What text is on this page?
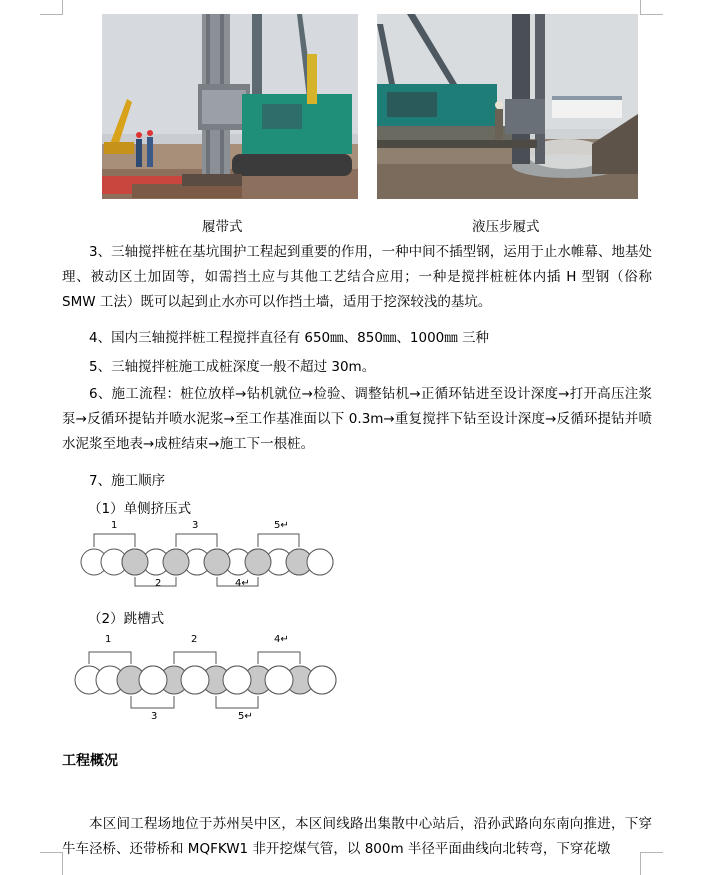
履带式	液压步履式
3、三轴搅拌桩在基坑围护工程起到重要的作用，一种中间不插型钢，运用于止水帷幕、地基处理、被动区土加固等，如需挡土应与其他工艺结合应用；一种是搅拌桩桩体内插 H 型钢（俗称 SMW 工法）既可以起到止水亦可以作挡土墙，适用于挖深较浅的基坑。
4、国内三轴搅拌桩工程搅拌直径有 650㎜、850㎜、1000㎜ 三种
5、三轴搅拌桩施工成桩深度一般不超过 30m。
6、施工流程：桩位放样→钻机就位→检验、调整钻机→正循环钻进至设计深度→打开高压注浆泵→反循环提钻并喷水泥浆→至工作基准面以下 0.3m→重复搅拌下钻至设计深度→反循环提钻并喷水泥浆至地表→成桩结束→施工下一根桩。
7、施工顺序
（1）单侧挤压式
1	3	5↵
2	4↵
（2）跳槽式
1	2	4↵
3	5↵
工程概况
本区间工程场地位于苏州吴中区，本区间线路出集散中心站后，沿孙武路向东南向推进，下穿牛车泾桥、还带桥和 MQFKW1 非开挖煤气管，以 800m 半径平面曲线向北转弯，下穿花墩
